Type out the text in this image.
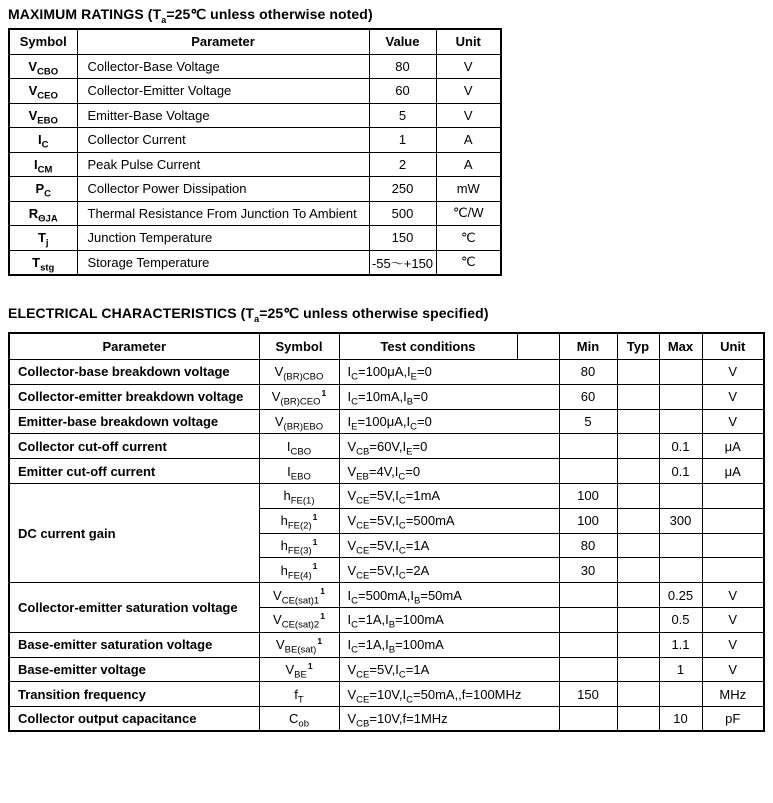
MAXIMUM RATINGS ($T_a=25℃$ unless otherwise noted)
Symbol	Parameter	Value	Unit
$V_{CBO}$	Collector-Base Voltage	80	V
$V_{CEO}$	Collector-Emitter Voltage	60	V
$V_{EBO}$	Emitter-Base Voltage	5	V
$I_C$	Collector Current	1	A
$I_{CM}$	Peak Pulse Current	2	A
$P_C$	Collector Power Dissipation	250	mW
$R_{\Theta JA}$	Thermal Resistance From Junction To Ambient	500	℃/W
$T_j$	Junction Temperature	150	℃
$T_{stg}$	Storage Temperature	-55～+150	℃
ELECTRICAL CHARACTERISTICS ($T_a=25℃$ unless otherwise specified)
Parameter	Symbol	Test conditions		Min	Typ	Max	Unit
Collector-base breakdown voltage	$V_{(BR)CBO}$	$I_C=100\mu A,I_E=0$		80			V
Collector-emitter breakdown voltage	$V_{(BR)CEO}^1$	$I_C=10mA,I_B=0$		60			V
Emitter-base breakdown voltage	$V_{(BR)EBO}$	$I_E=100\mu A,I_C=0$		5			V
Collector cut-off current	$I_{CBO}$	$V_{CB}=60V,I_E=0$				0.1	μA
Emitter cut-off current	$I_{EBO}$	$V_{EB}=4V,I_C=0$				0.1	μA
DC current gain	$h_{FE(1)}$	$V_{CE}=5V,I_C=1mA$		100			
	$h_{FE(2)}^1$	$V_{CE}=5V,I_C=500mA$		100		300	
	$h_{FE(3)}^1$	$V_{CE}=5V,I_C=1A$		80			
	$h_{FE(4)}^1$	$V_{CE}=5V,I_C=2A$		30			
Collector-emitter saturation voltage	$V_{CE(sat)1}^1$	$I_C=500mA,I_B=50mA$				0.25	V
	$V_{CE(sat)2}^1$	$I_C=1A,I_B=100mA$				0.5	V
Base-emitter saturation voltage	$V_{BE(sat)}^1$	$I_C=1A,I_B=100mA$				1.1	V
Base-emitter voltage	$V_{BE}^1$	$V_{CE}=5V,I_C=1A$				1	V
Transition frequency	$f_T$	$V_{CE}=10V,I_C=50mA,,f=100MHz$		150			MHz
Collector output capacitance	$C_{ob}$	$V_{CB}=10V,f=1MHz$				10	pF
